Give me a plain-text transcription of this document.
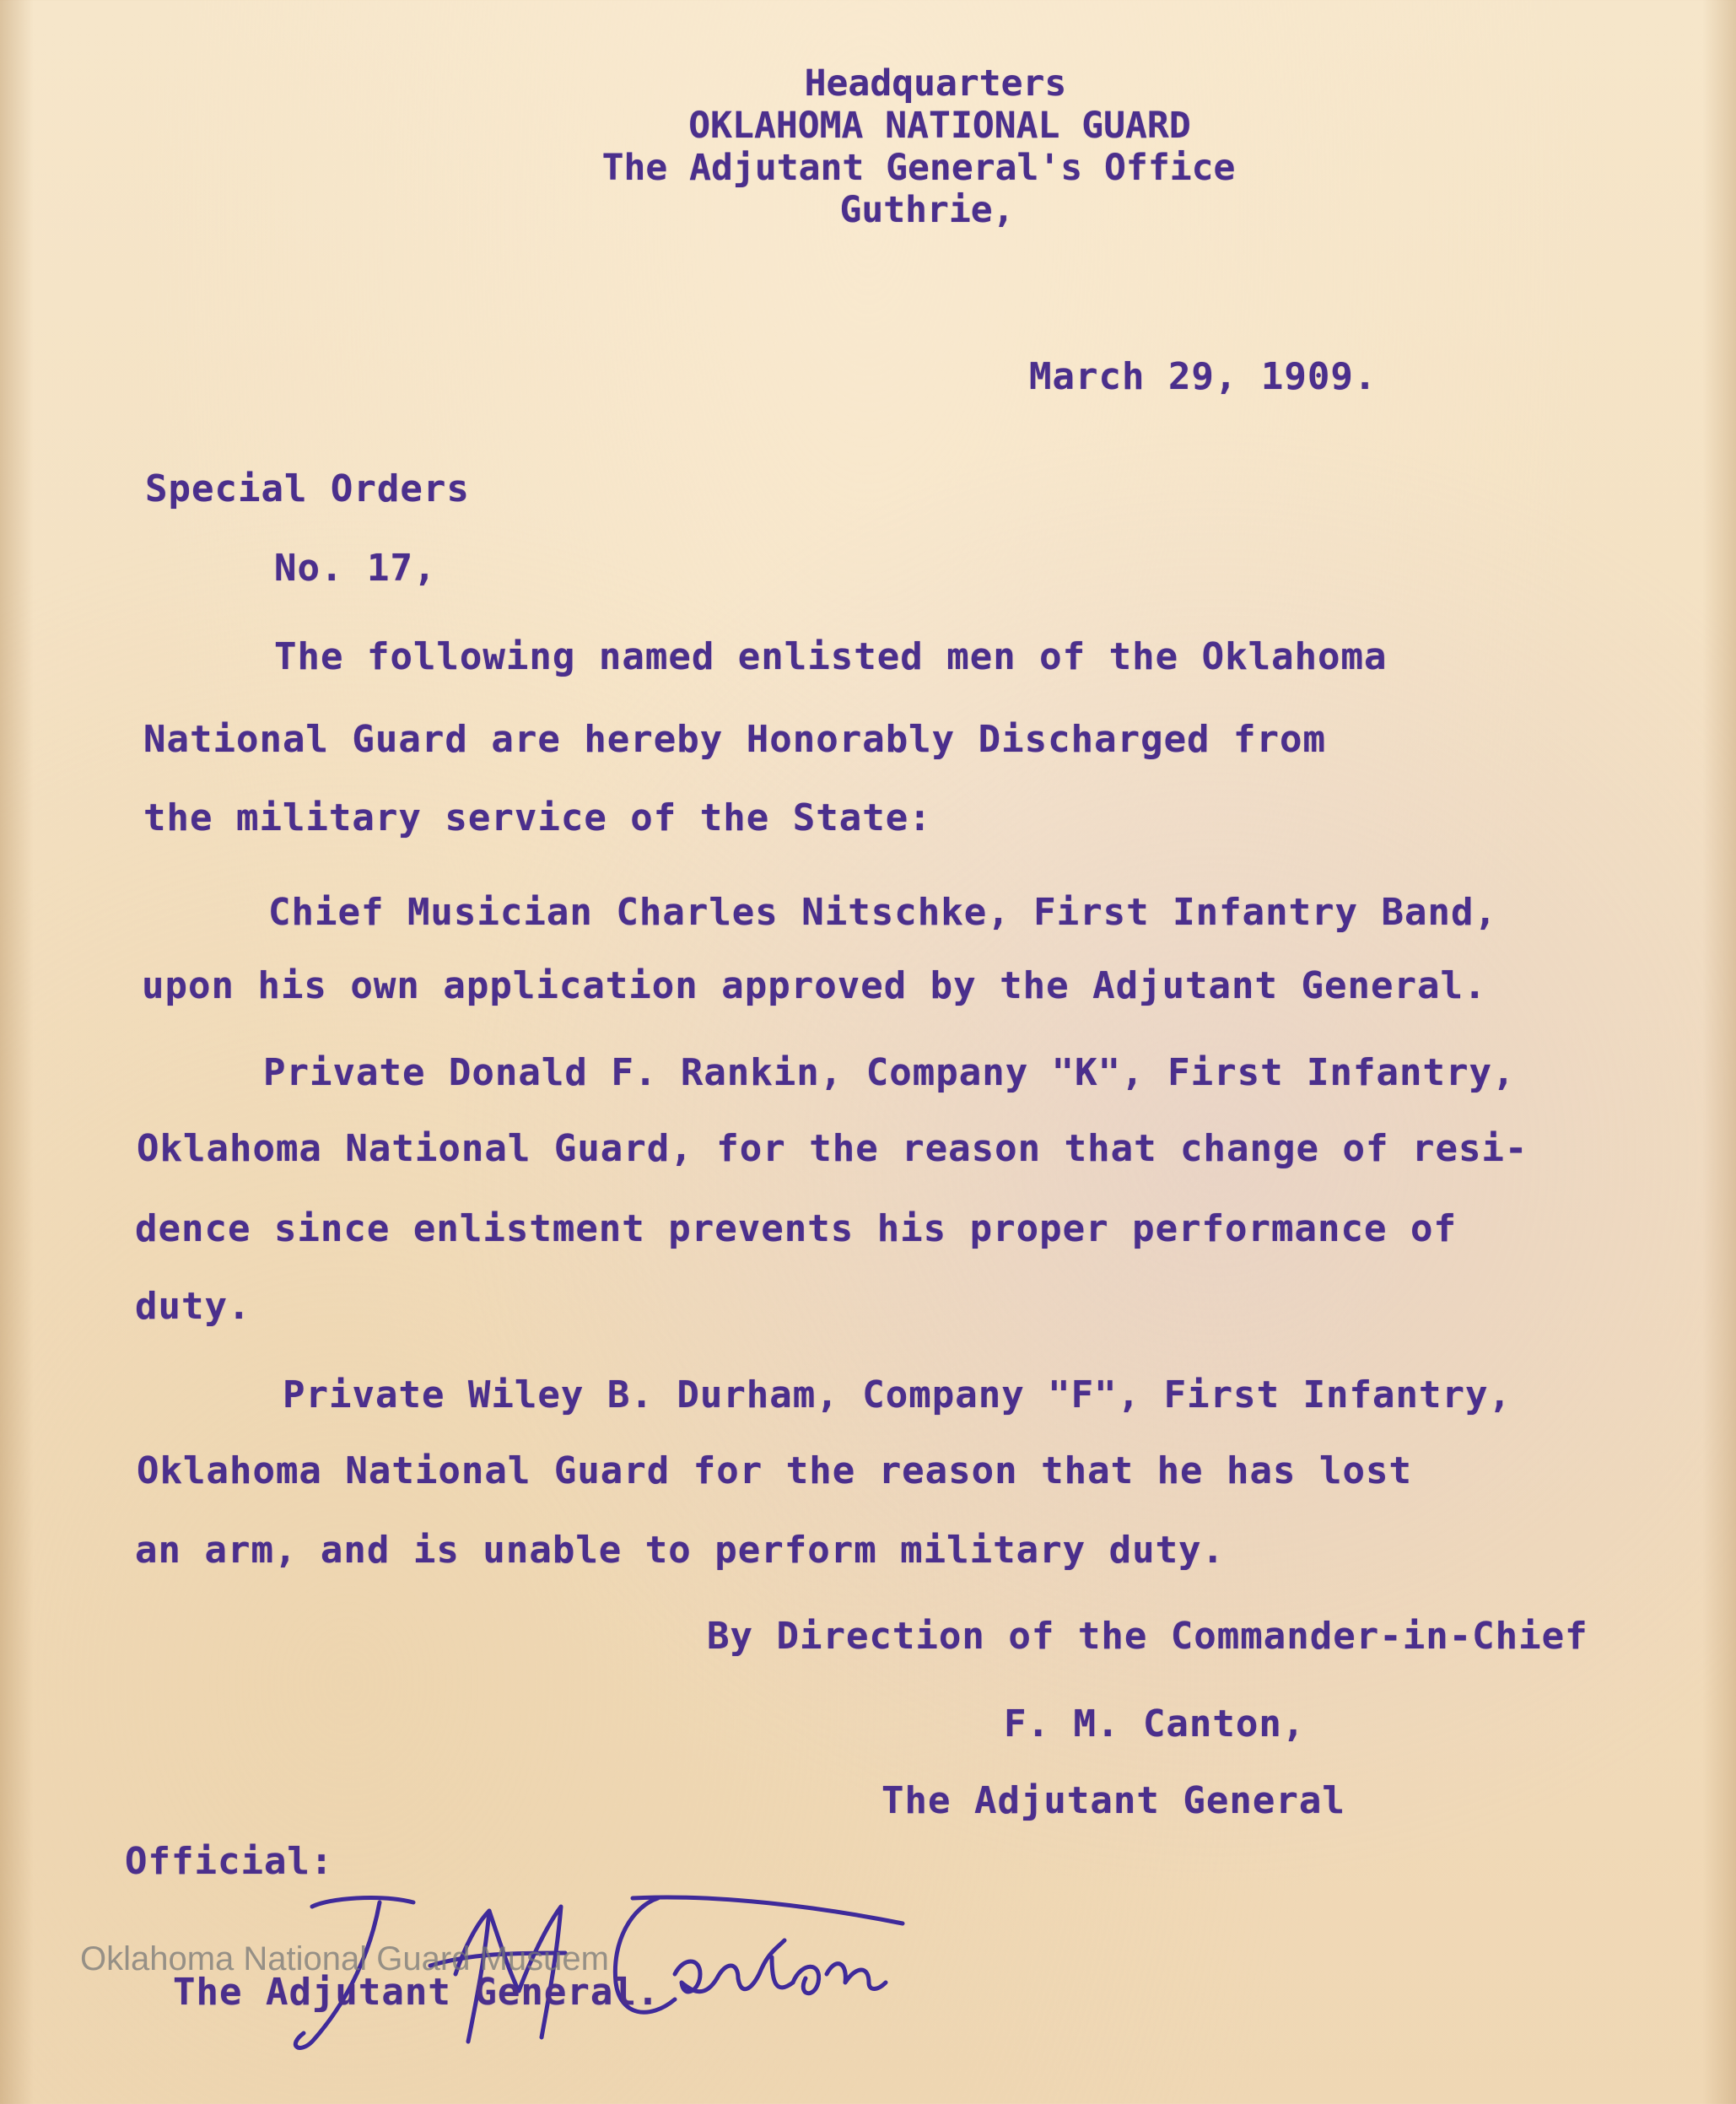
Headquarters
OKLAHOMA NATIONAL GUARD
The Adjutant General's Office
Guthrie,
March 29, 1909.
Special Orders
No. 17,
The following named enlisted men of the Oklahoma
National Guard are hereby Honorably Discharged from
the military service of the State:
Chief Musician Charles Nitschke, First Infantry Band,
upon his own application approved by the Adjutant General.
Private Donald F. Rankin, Company "K", First Infantry,
Oklahoma National Guard, for the reason that change of resi-
dence since enlistment prevents his proper performance of
duty.
Private Wiley B. Durham, Company "F", First Infantry,
Oklahoma National Guard for the reason that he has lost
an arm, and is unable to perform military duty.
By Direction of the Commander-in-Chief
F. M. Canton,
The Adjutant General
Official:
Oklahoma National Guard Musuem
The Adjutant General.
